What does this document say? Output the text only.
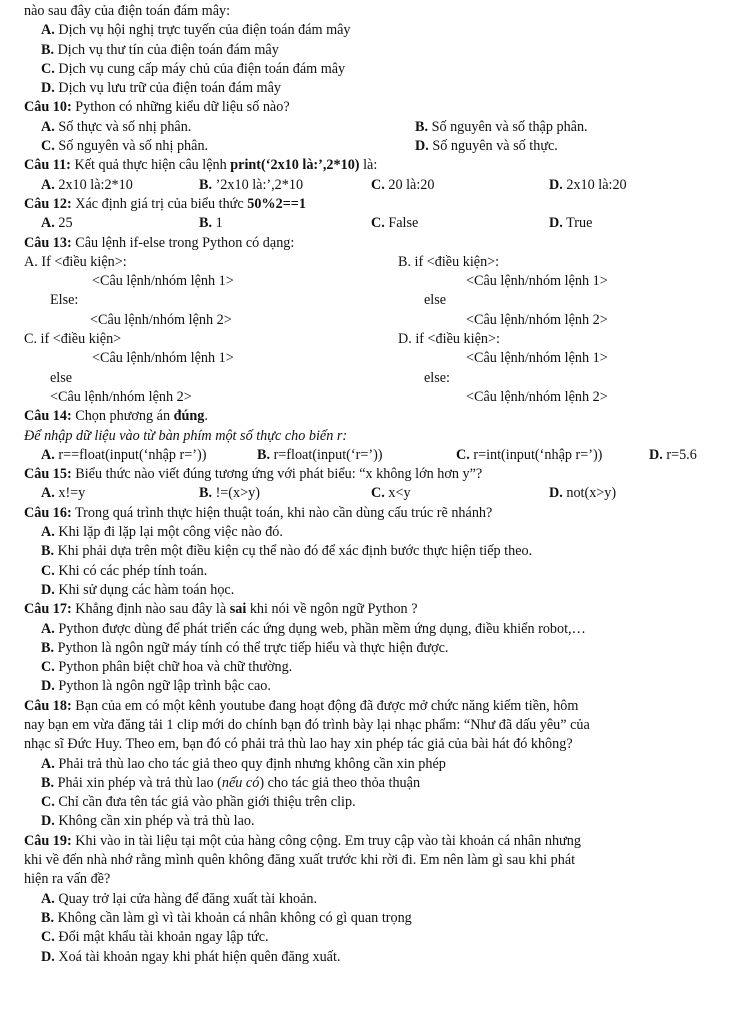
nào sau đây của điện toán đám mây:
A. Dịch vụ hội nghị trực tuyến của điện toán đám mây
B. Dịch vụ thư tín của điện toán đám mây
C. Dịch vụ cung cấp máy chủ của điện toán đám mây
D. Dịch vụ lưu trữ của điện toán đám mây
Câu 10: Python có những kiểu dữ liệu số nào?
A. Số thực và số nhị phân.	B. Số nguyên và số thập phân.
C. Số nguyên và số nhị phân.	D. Số nguyên và số thực.
Câu 11: Kết quả thực hiện câu lệnh print(‘2x10 là:’,2*10) là:
A. 2x10 là:2*10	B. ’2x10 là:’,2*10	C. 20 là:20	D. 2x10 là:20
Câu 12: Xác định giá trị của biểu thức 50%2==1
A. 25	B. 1	C. False	D. True
Câu 13: Câu lệnh if-else trong Python có dạng:
A. If <điều kiện>:
<Câu lệnh/nhóm lệnh 1>
Else:
<Câu lệnh/nhóm lệnh 2>
B. if <điều kiện>:
<Câu lệnh/nhóm lệnh 1>
else
<Câu lệnh/nhóm lệnh 2>
C. if <điều kiện>
<Câu lệnh/nhóm lệnh 1>
else
<Câu lệnh/nhóm lệnh 2>
D. if <điều kiện>:
<Câu lệnh/nhóm lệnh 1>
else:
<Câu lệnh/nhóm lệnh 2>
Câu 14: Chọn phương án đúng.
Để nhập dữ liệu vào từ bàn phím một số thực cho biến r:
A. r==float(input(‘nhập r=’))	B. r=float(input(‘r=’))	C. r=int(input(‘nhập r=’))	D. r=5.6
Câu 15: Biểu thức nào viết đúng tương ứng với phát biểu: “x không lớn hơn y”?
A. x!=y	B. !=(x>y)	C. x<y	D. not(x>y)
Câu 16: Trong quá trình thực hiện thuật toán, khi nào cần dùng cấu trúc rẽ nhánh?
A. Khi lặp đi lặp lại một công việc nào đó.
B. Khi phải dựa trên một điều kiện cụ thể nào đó để xác định bước thực hiện tiếp theo.
C. Khi có các phép tính toán.
D. Khi sử dụng các hàm toán học.
Câu 17: Khẳng định nào sau đây là sai khi nói về ngôn ngữ Python ?
A. Python được dùng để phát triển các ứng dụng web, phần mềm ứng dụng, điều khiển robot,…
B. Python là ngôn ngữ máy tính có thể trực tiếp hiểu và thực hiện được.
C. Python phân biệt chữ hoa và chữ thường.
D. Python là ngôn ngữ lập trình bậc cao.
Câu 18: Bạn của em có một kênh youtube đang hoạt động đã được mở chức năng kiếm tiền, hôm
nay bạn em vừa đăng tải 1 clip mới do chính bạn đó trình bày lại nhạc phẩm: “Như đã dấu yêu” của
nhạc sĩ Đức Huy. Theo em, bạn đó có phải trả thù lao hay xin phép tác giả của bài hát đó không?
A. Phải trả thù lao cho tác giả theo quy định nhưng không cần xin phép
B. Phải xin phép và trả thù lao (nếu có) cho tác giả theo thỏa thuận
C. Chỉ cần đưa tên tác giả vào phần giới thiệu trên clip.
D. Không cần xin phép và trả thù lao.
Câu 19: Khi vào in tài liệu tại một của hàng công cộng. Em truy cập vào tài khoản cá nhân nhưng
khi về đến nhà nhớ rằng mình quên không đăng xuất trước khi rời đi. Em nên làm gì sau khi phát
hiện ra vấn đề?
A. Quay trở lại cửa hàng để đăng xuất tài khoản.
B. Không cần làm gì vì tài khoản cá nhân không có gì quan trọng
C. Đổi mật khẩu tài khoản ngay lập tức.
D. Xoá tài khoản ngay khi phát hiện quên đăng xuất.
